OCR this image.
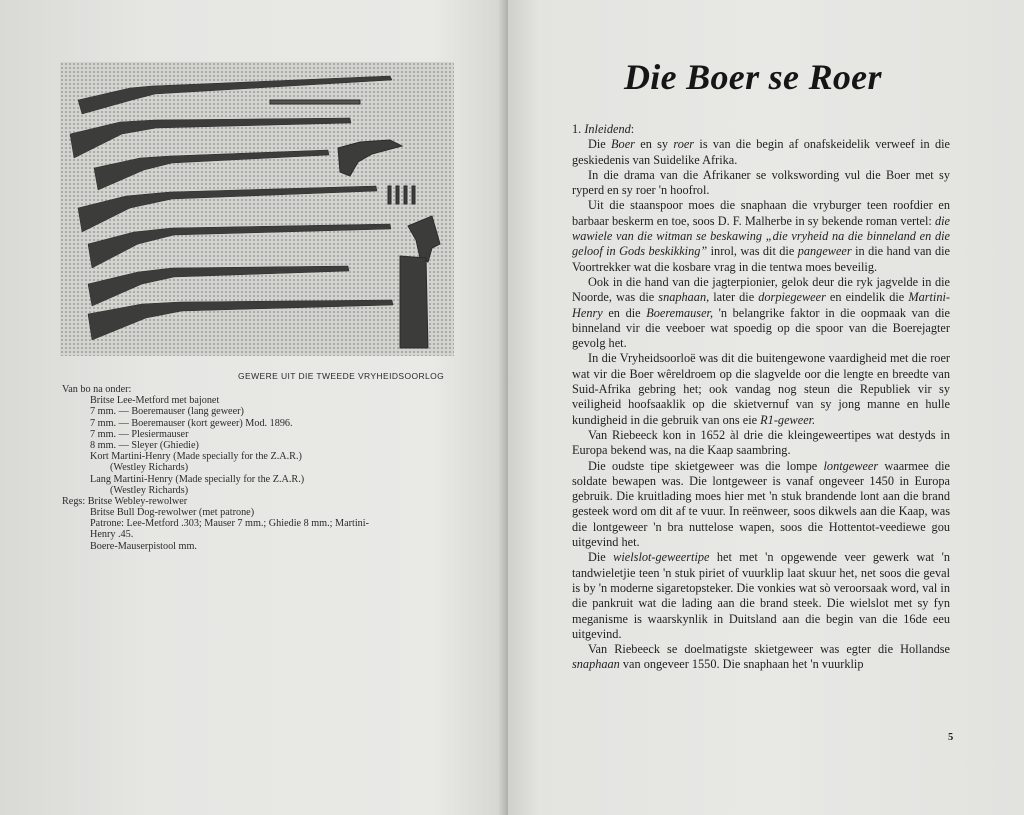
GEWERE UIT DIE TWEEDE VRYHEIDSOORLOG
Van bo na onder:
Britse Lee-Metford met bajonet
7 mm. — Boeremauser (lang geweer)
7 mm. — Boeremauser (kort geweer) Mod. 1896.
7 mm. — Plesiermauser
8 mm. — Sleyer (Ghiedie)
Kort Martini-Henry (Made specially for the Z.A.R.)
(Westley Richards)
Lang Martini-Henry (Made specially for the Z.A.R.)
(Westley Richards)
Regs: Britse Webley-rewolwer
Britse Bull Dog-rewolwer (met patrone)
Patrone: Lee-Metford .303; Mauser 7 mm.; Ghiedie 8 mm.; Martini-
Henry .45.
Boere-Mauserpistool mm.
Die Boer se Roer

1. Inleidend:

Die Boer en sy roer is van die begin af onafskeidelik verweef in die geskiedenis van Suidelike Afrika.

In die drama van die Afrikaner se volkswording vul die Boer met sy ryperd en sy roer 'n hoofrol.

Uit die staanspoor moes die snaphaan die vryburger teen roofdier en barbaar beskerm en toe, soos D. F. Malherbe in sy bekende roman vertel: die wawiele van die witman se beskawing „die vryheid na die binneland en die geloof in Gods beskikking” inrol, was dit die pangeweer in die hand van die Voortrekker wat die kosbare vrag in die tentwa moes beveilig.

Ook in die hand van die jagterpionier, gelok deur die ryk jagvelde in die Noorde, was die snaphaan, later die dorpiegeweer en eindelik die Martini-Henry en die Boeremauser, 'n belangrike faktor in die oopmaak van die binneland vir die veeboer wat spoedig op die spoor van die Boerejagter gevolg het.

In die Vryheidsoorloë was dit die buitengewone vaardigheid met die roer wat vir die Boer wêreldroem op die slagvelde oor die lengte en breedte van Suid-Afrika gebring het; ook vandag nog steun die Republiek vir sy veiligheid hoofsaaklik op die skietvernuf van sy jong manne en hulle kundigheid in die gebruik van ons eie R1-geweer.

Van Riebeeck kon in 1652 àl drie die kleingeweertipes wat destyds in Europa bekend was, na die Kaap saambring.

Die oudste tipe skietgeweer was die lompe lontgeweer waarmee die soldate bewapen was. Die lontgeweer is vanaf ongeveer 1450 in Europa gebruik. Die kruitlading moes hier met 'n stuk brandende lont aan die brand gesteek word om dit af te vuur. In reënweer, soos dikwels aan die Kaap, was die lontgeweer 'n bra nuttelose wapen, soos die Hottentot-veediewe gou uitgevind het.

Die wielslot-geweertipe het met 'n opgewende veer gewerk wat 'n tandwieletjie teen 'n stuk piriet of vuurklip laat skuur het, net soos die geval is by 'n moderne sigaretopsteker. Die vonkies wat sò veroorsaak word, val in die pankruit wat die lading aan die brand steek. Die wielslot met sy fyn meganisme is waarskynlik in Duitsland aan die begin van die 16de eeu uitgevind.

Van Riebeeck se doelmatigste skietgeweer was egter die Hollandse snaphaan van ongeveer 1550. Die snaphaan het 'n vuurklip

5
